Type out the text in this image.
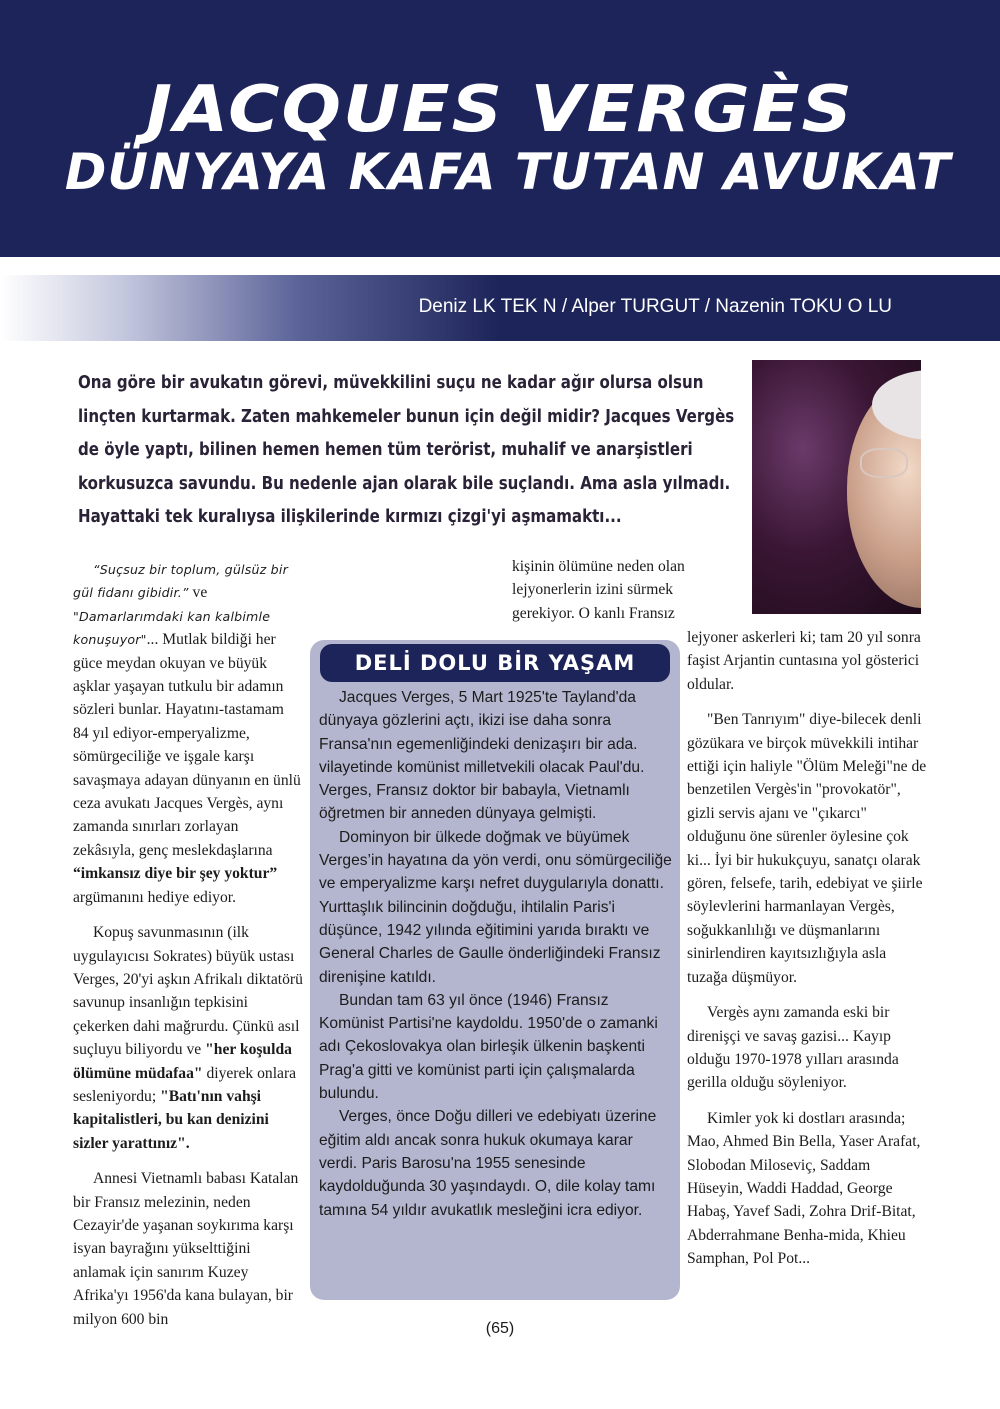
JACQUES VERGÈS
DÜNYAYA KAFA TUTAN AVUKAT
Deniz LK TEK N / Alper TURGUT / Nazenin TOKU O LU
Ona göre bir avukatın görevi, müvekkilini suçu ne kadar ağır olursa olsun linçten kurtarmak. Zaten mahkemeler bunun için değil midir? Jacques Vergès de öyle yaptı, bilinen hemen hemen tüm terörist, muhalif ve anarşistleri korkusuzca savundu. Bu nedenle ajan olarak bile suçlandı. Ama asla yılmadı. Hayattaki tek kuralıysa ilişkilerinde kırmızı çizgi'yi aşmamaktı...

“Suçsuz bir toplum, gülsüz bir gül fidanı gibidir.” ve
"Damarlarımdaki kan kalbimle konuşuyor"... Mutlak bildiği her güce meydan okuyan ve büyük aşklar yaşayan tutkulu bir adamın sözleri bunlar. Hayatını-tastamam 84 yıl ediyor-emperyalizme, sömürgeciliğe ve işgale karşı savaşmaya adayan dünyanın en ünlü ceza avukatı Jacques Vergès, aynı zamanda sınırları zorlayan zekâsıyla, genç meslekdaşlarına “imkansız diye bir şey yoktur” argümanını hediye ediyor.

Kopuş savunmasının (ilk uygulayıcısı Sokrates) büyük ustası Verges, 20'yi aşkın Afrikalı diktatörü savunup insanlığın tepkisini çekerken dahi mağrurdu. Çünkü asıl suçluyu biliyordu ve "her koşulda ölümüne müdafaa" diyerek onlara sesleniyordu; "Batı'nın vahşi kapitalistleri, bu kan denizini sizler yarattınız".

Annesi Vietnamlı babası Katalan bir Fransız melezinin, neden Cezayir'de yaşanan soykırıma karşı isyan bayrağını yükselttiğini anlamak için sanırım Kuzey Afrika'yı 1956'da kana bulayan, bir milyon 600 bin

kişinin ölümüne neden olan lejyonerlerin izini sürmek gerekiyor. O kanlı Fransız

lejyoner askerleri ki; tam 20 yıl sonra faşist Arjantin cuntasına yol gösterici oldular.

"Ben Tanrıyım" diye-bilecek denli gözükara ve birçok müvekkili intihar ettiği için haliyle "Ölüm Meleği"ne de benzetilen Vergès'in "provokatör", gizli servis ajanı ve "çıkarcı" olduğunu öne sürenler öylesine çok ki... İyi bir hukukçuyu, sanatçı olarak gören, felsefe, tarih, edebiyat ve şiirle söylevlerini harmanlayan Vergès, soğukkanlılığı ve düşmanlarını sinirlendiren kayıtsızlığıyla asla tuzağa düşmüyor.

Vergès aynı zamanda eski bir direnişçi ve savaş gazisi... Kayıp olduğu 1970-1978 yılları arasında gerilla olduğu söyleniyor.

Kimler yok ki dostları arasında; Mao, Ahmed Bin Bella, Yaser Arafat, Slobodan Miloseviç, Saddam Hüseyin, Waddi Haddad, George Habaş, Yavef Sadi, Zohra Drif-Bitat, Abderrahmane Benha-mida, Khieu Samphan, Pol Pot...

DELİ DOLU BİR YAŞAM

Jacques Verges, 5 Mart 1925'te Tayland'da dünyaya gözlerini açtı, ikizi ise daha sonra Fransa'nın egemenliğindeki denizaşırı bir ada. vilayetinde komünist milletvekili olacak Paul'du. Verges, Fransız doktor bir babayla, Vietnamlı öğretmen bir anneden dünyaya gelmişti.

Dominyon bir ülkede doğmak ve büyümek Verges’in hayatına da yön verdi, onu sömürgeciliğe ve emperyalizme karşı nefret duygularıyla donattı. Yurttaşlık bilincinin doğduğu, ihtilalin Paris'i düşünce, 1942 yılında eğitimini yarıda bıraktı ve General Charles de Gaulle önderliğindeki Fransız direnişine katıldı.

Bundan tam 63 yıl önce (1946) Fransız Komünist Partisi'ne kaydoldu. 1950'de o zamanki adı Çekoslovakya olan birleşik ülkenin başkenti Prag'a gitti ve komünist parti için çalışmalarda bulundu.

Verges, önce Doğu dilleri ve edebiyatı üzerine eğitim aldı ancak sonra hukuk okumaya karar verdi. Paris Barosu'na 1955 senesinde kaydolduğunda 30 yaşındaydı. O, dile kolay tamı tamına 54 yıldır avukatlık mesleğini icra ediyor.

(65)
